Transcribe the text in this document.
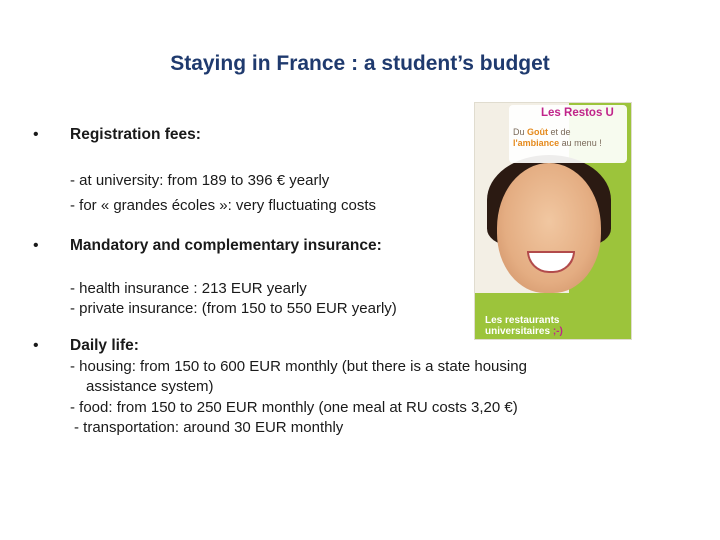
Staying in France : a student’s budget
• Registration fees:
- at university: from 189 to 396 € yearly
- for « grandes écoles »: very fluctuating costs
• Mandatory and complementary insurance:
- health insurance : 213 EUR yearly
- private insurance: (from 150 to 550 EUR yearly)
• Daily life:
- housing: from 150 to 600 EUR monthly (but there is a state housing
assistance system)
- food: from 150 to 250 EUR monthly (one meal at RU costs 3,20 €)
- transportation: around 30 EUR monthly
Les Restos U
Du Goût et de
l'ambiance au menu !
Les restaurants
universitaires ;-)
